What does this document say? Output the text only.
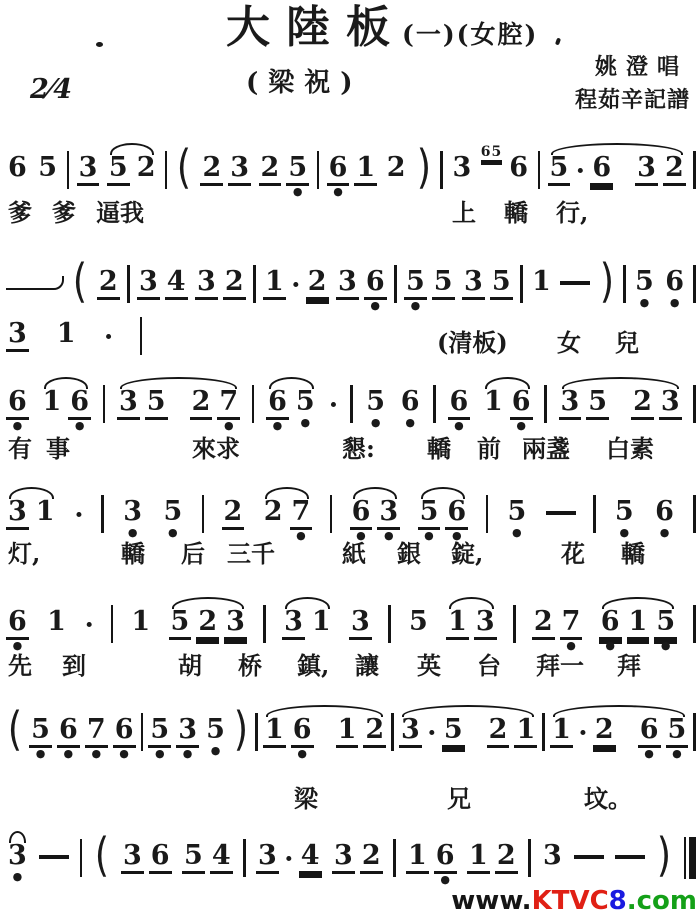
大陸板
(一)(女腔)
(梁祝)
姚澄唱
程茹辛記譜
2⁄4
6 5 3 5 2 ( 2 3 2 5
●
6
●
1 2 ) 3 65 6 5 · 6 3 2
爹 爹 逼我	上 轎 行,
( 2 3 4 3 2 1 · 2 3 6
●
5
●
5 3 5 1 ) 5
●
6
●
3 1 ·	(清板) 女 兒
6
●
1 6
●
3 5 2 7
●
6
●
5
●
· 5
●
6
●
6
●
1 6
●
3 5 2 3
有 事	來求	懇: 轎 前 兩盞 白素
3 1 · 3
●
5
●
2 2 7
●
6
●
3
●
5
●
6
●
5
●
5
●
6
●
灯,	轎 后 三千	紙 銀 錠,	花 轎
6
●
1 · 1 5 2 3 3 1 3 5 1 3 2 7
●
6
●
1 5
●
先 到	胡 桥 鎮, 讓 英 台 拜一 拜
( 5
●
6
●
7
●
6
●
5
●
3
●
5
● ) 1 6
●
1 2 3 · 5 2 1 1 · 2 6
●
5
●
梁	兄	坟。
3
● ( 3 6 5 4 3 · 4 3 2 1 6
●
1 2 3 )
www.KTVC8.com
